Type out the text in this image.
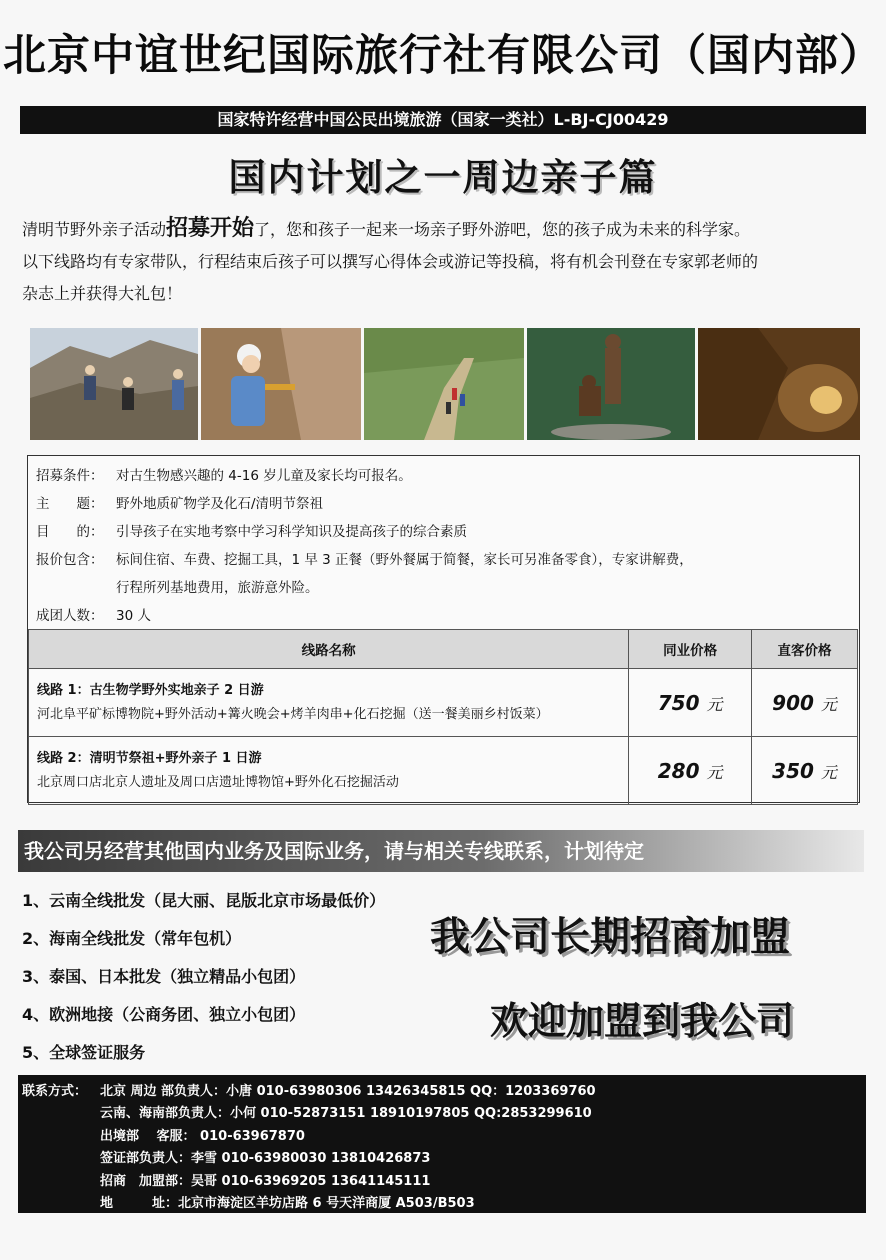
北京中谊世纪国际旅行社有限公司（国内部）
国家特许经营中国公民出境旅游（国家一类社）L-BJ-CJ00429
国内计划之一周边亲子篇
清明节野外亲子活动招募开始了，您和孩子一起来一场亲子野外游吧，您的孩子成为未来的科学家。
以下线路均有专家带队，行程结束后孩子可以撰写心得体会或游记等投稿，将有机会刊登在专家郭老师的
杂志上并获得大礼包！
招募条件： 对古生物感兴趣的 4-16 岁儿童及家长均可报名。
主　　题： 野外地质矿物学及化石/清明节祭祖
目　　的： 引导孩子在实地考察中学习科学知识及提高孩子的综合素质
报价包含： 标间住宿、车费、挖掘工具，1 早 3 正餐（野外餐属于简餐，家长可另准备零食），专家讲解费，
行程所列基地费用，旅游意外险。
成团人数： 30 人
线路名称	同业价格	直客价格

线路 1：古生物学野外实地亲子 2 日游
河北阜平矿标博物院+野外活动+篝火晚会+烤羊肉串+化石挖掘（送一餐美丽乡村饭菜）	750 元	900 元

线路 2：清明节祭祖+野外亲子 1 日游
北京周口店北京人遗址及周口店遗址博物馆+野外化石挖掘活动	280 元	350 元
我公司另经营其他国内业务及国际业务，请与相关专线联系，计划待定
1、云南全线批发（昆大丽、昆版北京市场最低价）
2、海南全线批发（常年包机）
3、泰国、日本批发（独立精品小包团）
4、欧洲地接（公商务团、独立小包团）
5、全球签证服务
我公司长期招商加盟
欢迎加盟到我公司
联系方式： 北京 周边 部负责人：小唐 010-63980306 13426345815 QQ：1203369760
云南、海南部负责人：小何 010-52873151 18910197805 QQ:2853299610
出境部　 客服： 010-63967870
签证部负责人：李雪 010-63980030 13810426873
招商　加盟部：吴哥 010-63969205 13641145111
地　　　址：北京市海淀区羊坊店路 6 号天洋商厦 A503/B503
